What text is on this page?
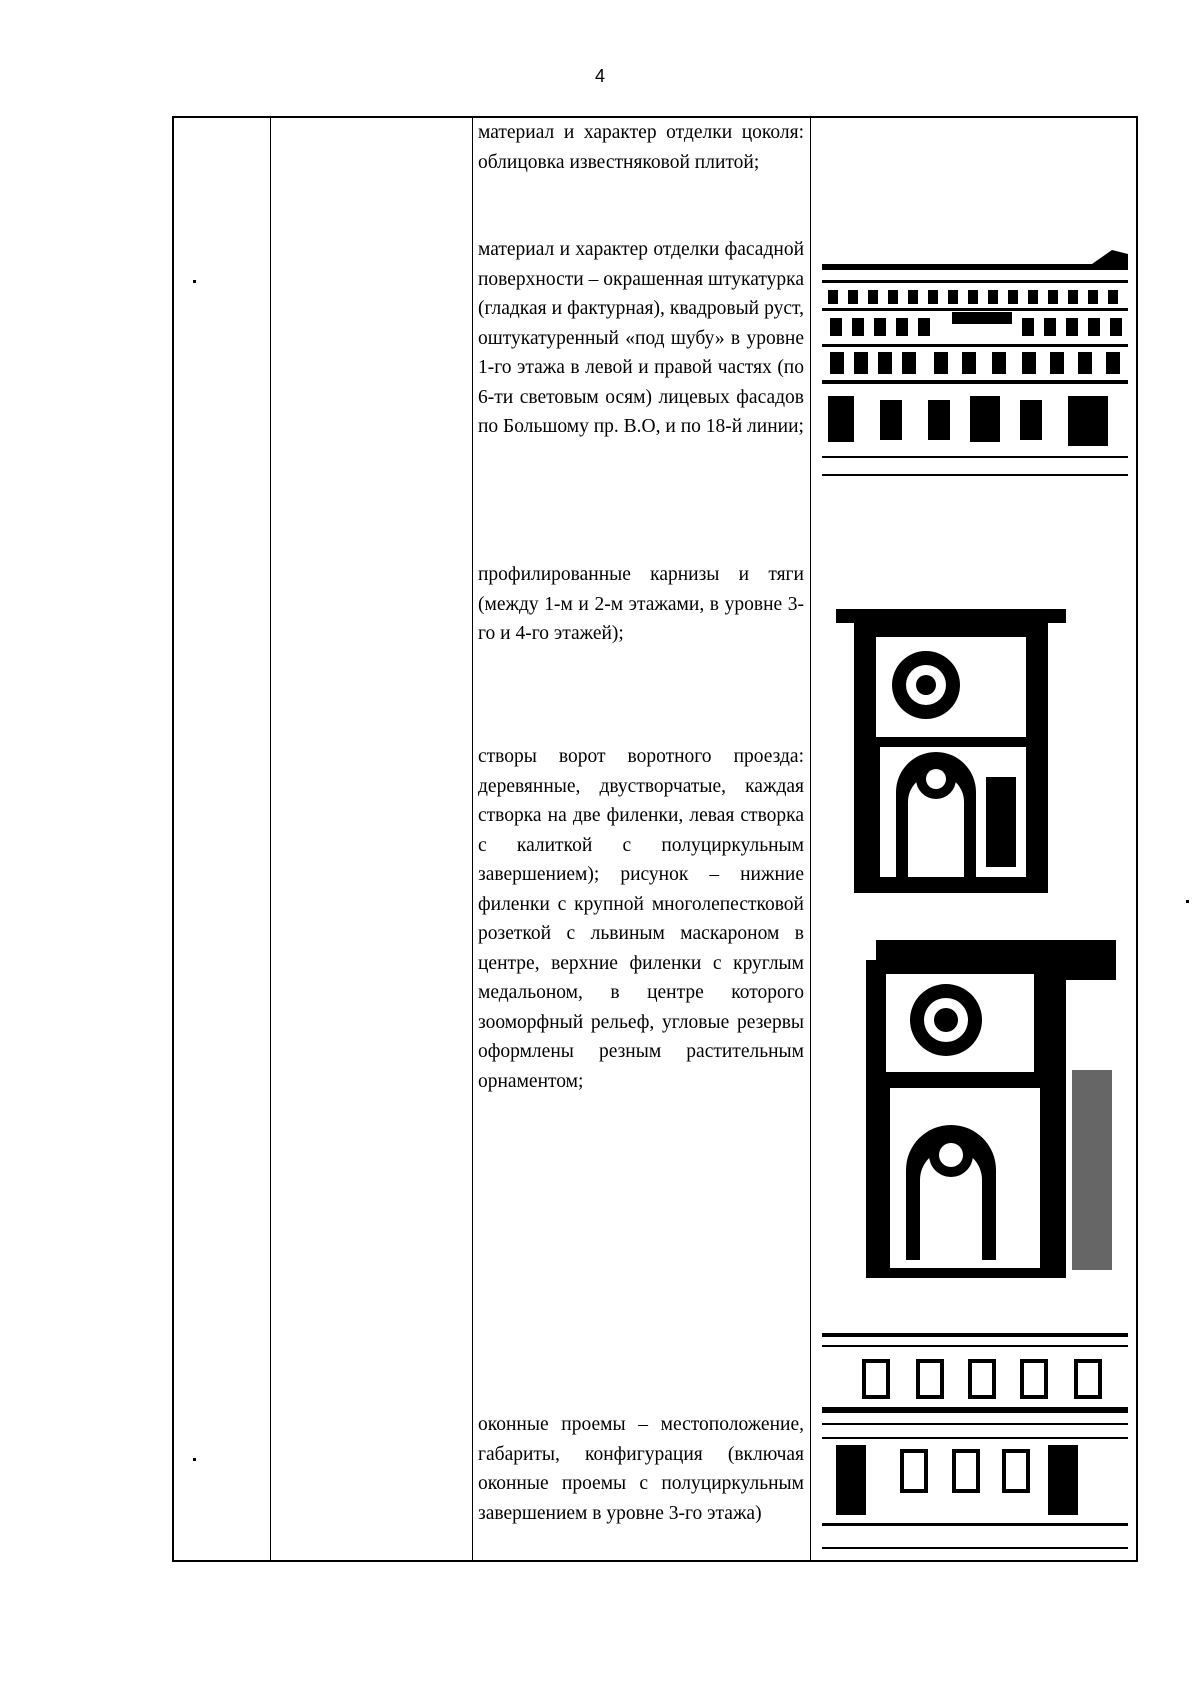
4

материал и характер отделки цоколя: облицовка известняковой плитой;

материал и характер отделки фасадной поверхности – окрашенная штукатурка (гладкая и фактурная), квадровый руст, оштукатуренный «под шубу» в уровне 1-го этажа в левой и правой частях (по 6-ти световым осям) лицевых фасадов по Большому пр. В.О, и по 18-й линии;

профилированные карнизы и тяги (между 1-м и 2-м этажами, в уровне 3-го и 4-го этажей);

створы ворот воротного проезда: деревянные, двустворчатые, каждая створка на две филенки, левая створка с калиткой с полуциркульным завершением); рисунок – нижние филенки с крупной многолепестковой розеткой с львиным маскароном в центре, верхние филенки с круглым медальоном, в центре которого зооморфный рельеф, угловые резервы оформлены резным растительным орнаментом;

оконные проемы – местоположение, габариты, конфигурация (включая оконные проемы с полуциркульным завершением в уровне 3-го этажа)
